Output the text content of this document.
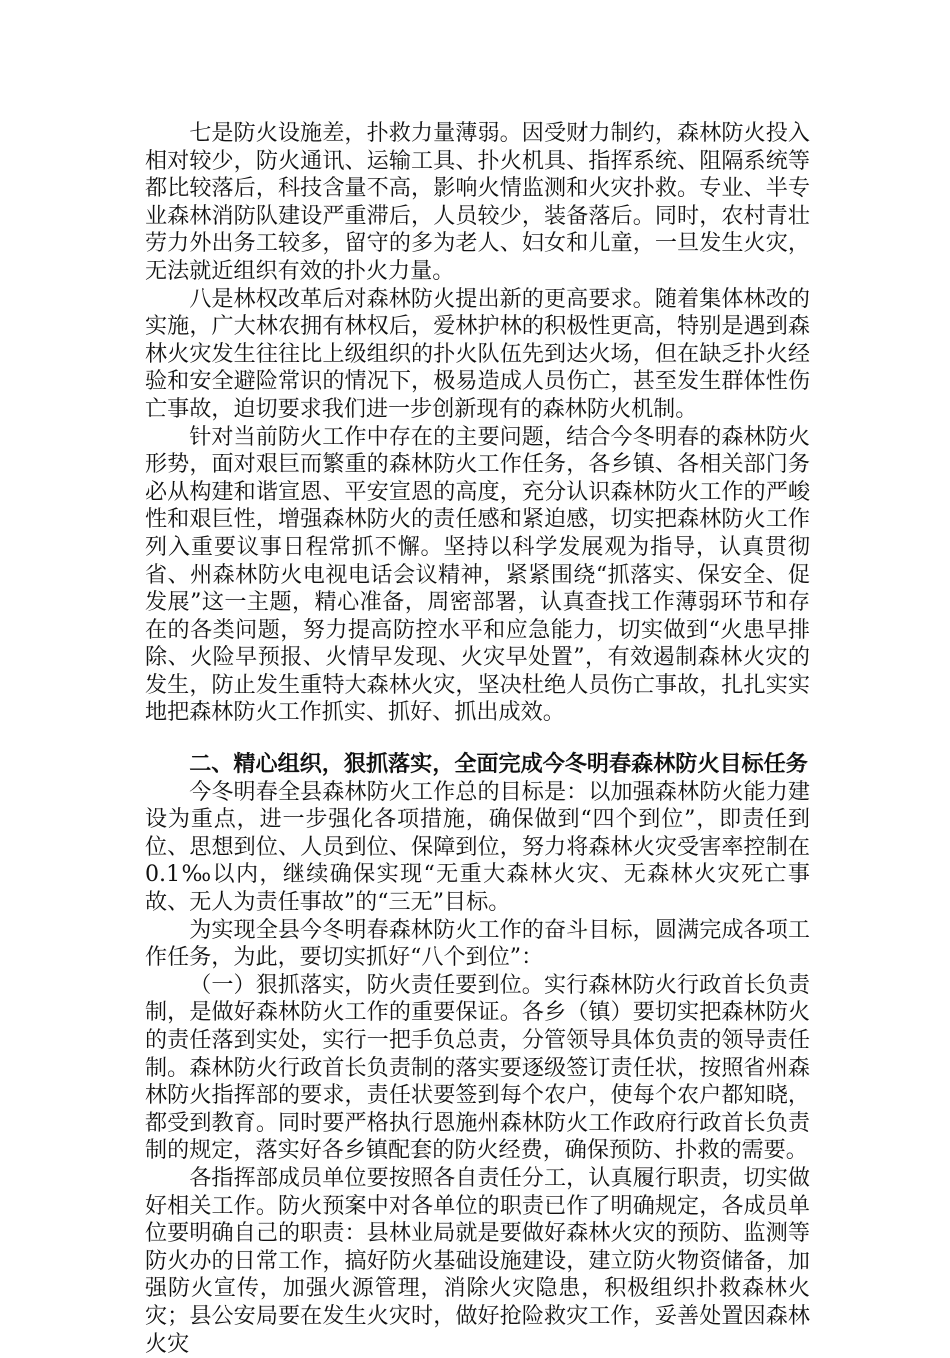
七是防火设施差，扑救力量薄弱。因受财力制约，森林防火投入相对较少，防火通讯、运输工具、扑火机具、指挥系统、阻隔系统等都比较落后，科技含量不高，影响火情监测和火灾扑救。专业、半专业森林消防队建设严重滞后，人员较少，装备落后。同时，农村青壮劳力外出务工较多，留守的多为老人、妇女和儿童，一旦发生火灾，无法就近组织有效的扑火力量。

八是林权改革后对森林防火提出新的更高要求。随着集体林改的实施，广大林农拥有林权后，爱林护林的积极性更高，特别是遇到森林火灾发生往往比上级组织的扑火队伍先到达火场，但在缺乏扑火经验和安全避险常识的情况下，极易造成人员伤亡，甚至发生群体性伤亡事故，迫切要求我们进一步创新现有的森林防火机制。

针对当前防火工作中存在的主要问题，结合今冬明春的森林防火形势，面对艰巨而繁重的森林防火工作任务，各乡镇、各相关部门务必从构建和谐宣恩、平安宣恩的高度，充分认识森林防火工作的严峻性和艰巨性，增强森林防火的责任感和紧迫感，切实把森林防火工作列入重要议事日程常抓不懈。坚持以科学发展观为指导，认真贯彻省、州森林防火电视电话会议精神，紧紧围绕“抓落实、保安全、促发展”这一主题，精心准备，周密部署，认真查找工作薄弱环节和存在的各类问题，努力提高防控水平和应急能力，切实做到“火患早排除、火险早预报、火情早发现、火灾早处置”，有效遏制森林火灾的发生，防止发生重特大森林火灾，坚决杜绝人员伤亡事故，扎扎实实地把森林防火工作抓实、抓好、抓出成效。

二、精心组织，狠抓落实，全面完成今冬明春森林防火目标任务

今冬明春全县森林防火工作总的目标是：以加强森林防火能力建设为重点，进一步强化各项措施，确保做到“四个到位”，即责任到位、思想到位、人员到位、保障到位，努力将森林火灾受害率控制在0.1‰以内，继续确保实现“无重大森林火灾、无森林火灾死亡事故、无人为责任事故”的“三无”目标。

为实现全县今冬明春森林防火工作的奋斗目标，圆满完成各项工作任务，为此，要切实抓好“八个到位”：

（一）狠抓落实，防火责任要到位。实行森林防火行政首长负责制，是做好森林防火工作的重要保证。各乡（镇）要切实把森林防火的责任落到实处，实行一把手负总责，分管领导具体负责的领导责任制。森林防火行政首长负责制的落实要逐级签订责任状，按照省州森林防火指挥部的要求，责任状要签到每个农户，使每个农户都知晓，都受到教育。同时要严格执行恩施州森林防火工作政府行政首长负责制的规定，落实好各乡镇配套的防火经费，确保预防、扑救的需要。

各指挥部成员单位要按照各自责任分工，认真履行职责，切实做好相关工作。防火预案中对各单位的职责已作了明确规定，各成员单位要明确自己的职责：县林业局就是要做好森林火灾的预防、监测等防火办的日常工作，搞好防火基础设施建设，建立防火物资储备，加强防火宣传，加强火源管理，消除火灾隐患，积极组织扑救森林火灾；县公安局要在发生火灾时，做好抢险救灾工作，妥善处置因森林火灾
